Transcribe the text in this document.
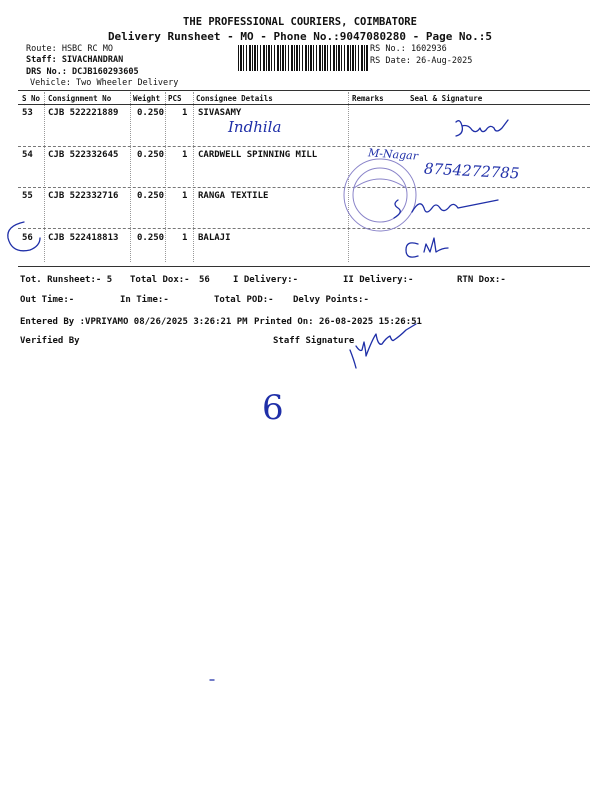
THE PROFESSIONAL COURIERS, COIMBATORE
Delivery Runsheet - MO - Phone No.:9047080280 - Page No.:5
Route: HSBC RC MO
Staff: SIVACHANDRAN
DRS No.: DCJB160293605
Vehicle: Two Wheeler Delivery
RS No.: 1602936
RS Date: 26-Aug-2025
S No Consignment No	Weight PCS Consignee Details	Remarks	Seal & Signature
53 CJB 522221889 0.250 1 SIVASAMY
54 CJB 522332645 0.250 1 CARDWELL SPINNING MILL
55 CJB 522332716 0.250 1 RANGA TEXTILE
56 CJB 522418813 0.250 1 BALAJI
Tot. Runsheet:- 5 Total Dox:- 56	I Delivery:-	II Delivery:-	RTN Dox:-
Out Time:-	In Time:-	Total POD:- Delvy Points:-
Entered By :VPRIYAMO 08/26/2025 3:26:21 PM Printed On: 26-08-2025 15:26:51
Verified By	Staff Signature
Indhila
M-Nagar
8754272785
6
